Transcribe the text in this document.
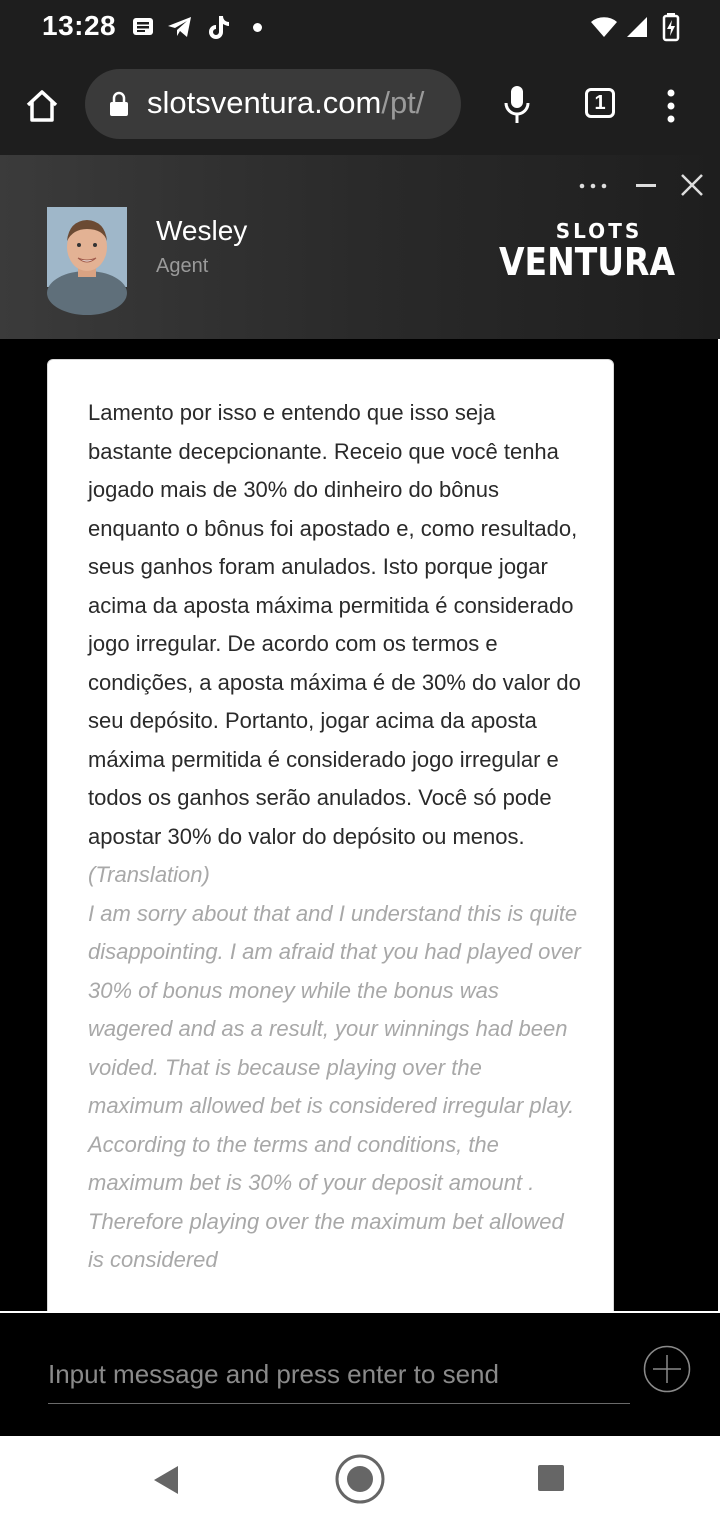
13:28
slotsventura.com/pt/	1
Wesley
Agent
SLOTS
VENTURA

Lamento por isso e entendo que isso seja bastante decepcionante. Receio que você tenha jogado mais de 30% do dinheiro do bônus enquanto o bônus foi apostado e, como resultado, seus ganhos foram anulados. Isto porque jogar acima da aposta máxima permitida é considerado jogo irregular. De acordo com os termos e condições, a aposta máxima é de 30% do valor do seu depósito. Portanto, jogar acima da aposta máxima permitida é considerado jogo irregular e todos os ganhos serão anulados. Você só pode apostar 30% do valor do depósito ou menos.

(Translation)

I am sorry about that and I understand this is quite disappointing. I am afraid that you had played over 30% of bonus money while the bonus was wagered and as a result, your winnings had been voided. That is because playing over the maximum allowed bet is considered irregular play. According to the terms and conditions, the maximum bet is 30% of your deposit amount . Therefore playing over the maximum bet allowed is considered

Input message and press enter to send
